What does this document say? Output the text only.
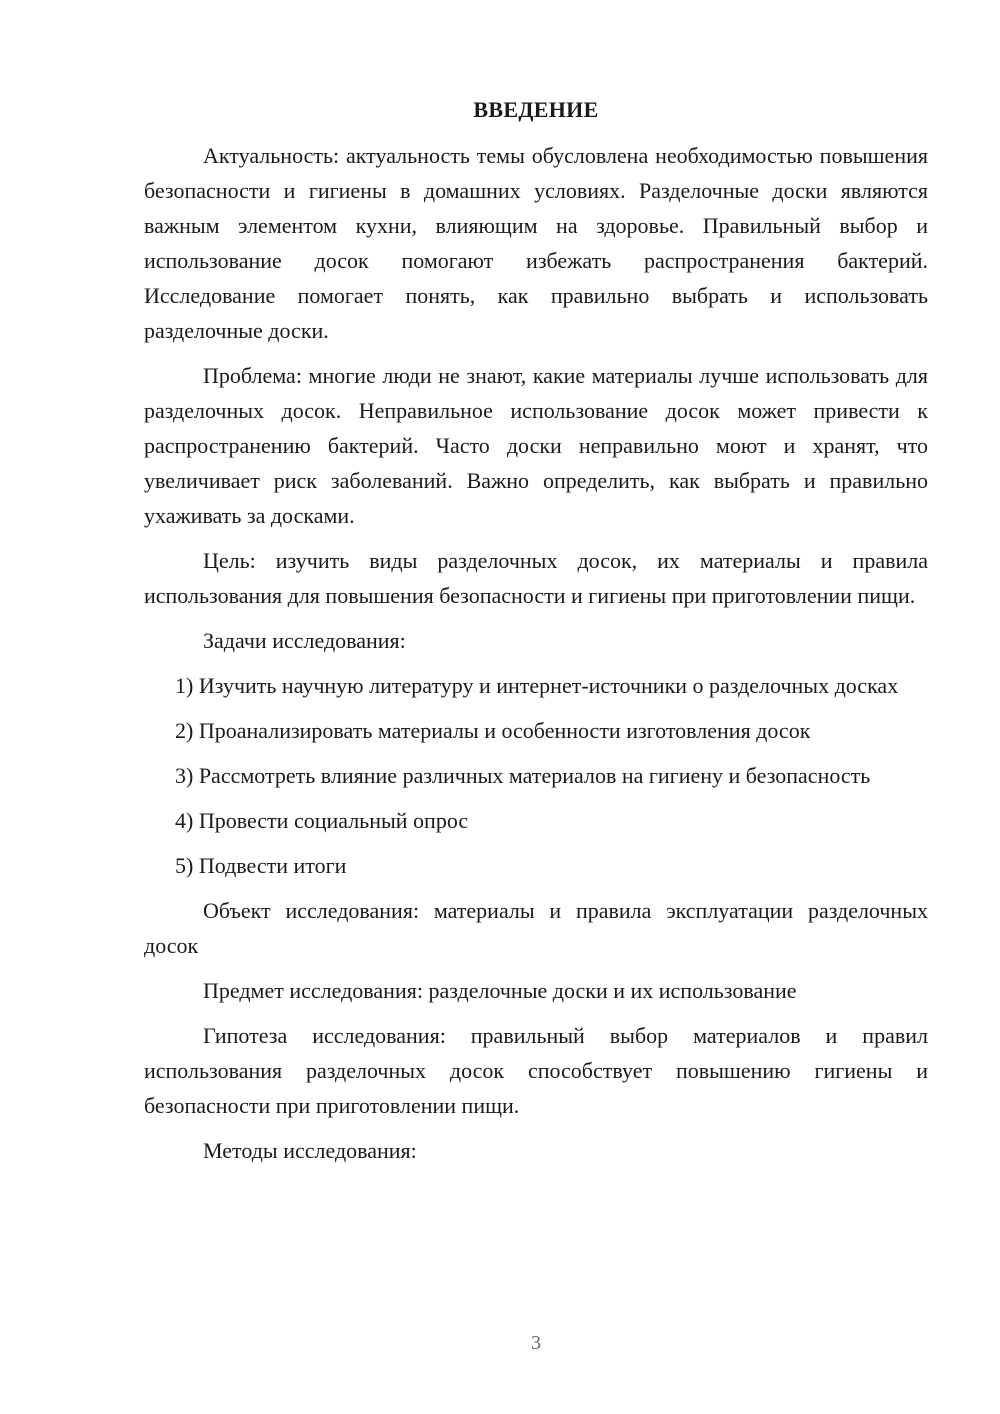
ВВЕДЕНИЕ

Актуальность: актуальность темы обусловлена необходимостью повышения безопасности и гигиены в домашних условиях. Разделочные доски являются важным элементом кухни, влияющим на здоровье. Правильный выбор и использование досок помогают избежать распространения бактерий. Исследование помогает понять, как правильно выбрать и использовать разделочные доски.

Проблема: многие люди не знают, какие материалы лучше использовать для разделочных досок. Неправильное использование досок может привести к распространению бактерий. Часто доски неправильно моют и хранят, что увеличивает риск заболеваний. Важно определить, как выбрать и правильно ухаживать за досками.

Цель: изучить виды разделочных досок, их материалы и правила использования для повышения безопасности и гигиены при приготовлении пищи.

Задачи исследования:

1) Изучить научную литературу и интернет-источники о разделочных досках

2) Проанализировать материалы и особенности изготовления досок

3) Рассмотреть влияние различных материалов на гигиену и безопасность

4) Провести социальный опрос

5) Подвести итоги

Объект исследования: материалы и правила эксплуатации разделочных досок

Предмет исследования: разделочные доски и их использование

Гипотеза исследования: правильный выбор материалов и правил использования разделочных досок способствует повышению гигиены и безопасности при приготовлении пищи.

Методы исследования:

3
